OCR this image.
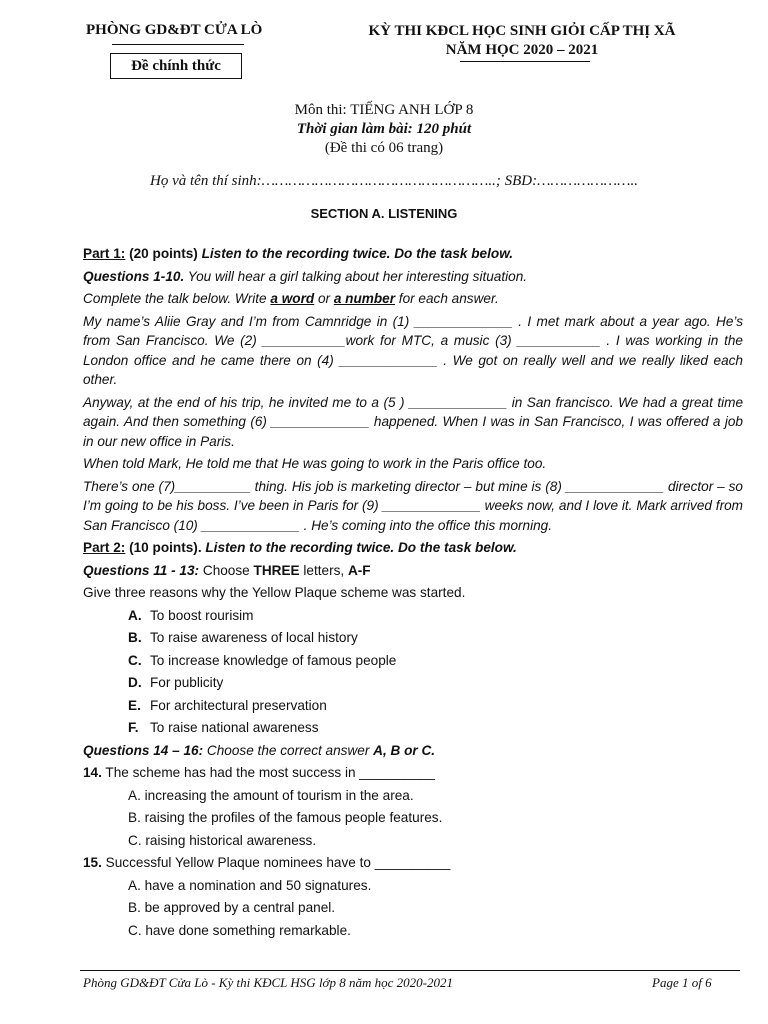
PHÒNG GD&ĐT CỬA LÒ
Đề chính thức
KỲ THI KĐCL HỌC SINH GIỎI CẤP THỊ XÃ
NĂM HỌC 2020 – 2021
Môn thi: TIẾNG ANH LỚP 8
Thời gian làm bài: 120 phút
(Đề thi có 06 trang)
Họ và tên thí sinh:……………………………………………..; SBD:…………………..
SECTION A. LISTENING

Part 1: (20 points) Listen to the recording twice. Do the task below.

Questions 1-10. You will hear a girl talking about her interesting situation.

Complete the talk below. Write a word or a number for each answer.

My name’s Aliie Gray and I’m from Camnridge in (1) _____________ . I met mark about a year ago. He’s from San Francisco. We (2) ___________work for MTC, a music (3) ___________ . I was working in the London office and he came there on (4) _____________ . We got on really well and we really liked each other.

Anyway, at the end of his trip, he invited me to a (5 ) _____________ in San francisco. We had a great time again. And then something (6) _____________ happened. When I was in San Francisco, I was offered a job in our new office in Paris.

When told Mark, He told me that He was going to work in the Paris office too.

There’s one (7)__________ thing. His job is marketing director – but mine is (8) _____________ director – so I’m going to be his boss. I’ve been in Paris for (9) _____________ weeks now, and I love it. Mark arrived from San Francisco (10) _____________ . He’s coming into the office this morning.

Part 2: (10 points). Listen to the recording twice. Do the task below.

Questions 11 - 13: Choose THREE letters, A-F

Give three reasons why the Yellow Plaque scheme was started.

A. To boost rourisim

B. To raise awareness of local history

C. To increase knowledge of famous people

D. For publicity

E. For architectural preservation

F. To raise national awareness

Questions 14 – 16: Choose the correct answer A, B or C.

14. The scheme has had the most success in __________

A. increasing the amount of tourism in the area.

B. raising the profiles of the famous people features.

C. raising historical awareness.

15. Successful Yellow Plaque nominees have to __________

A. have a nomination and 50 signatures.

B. be approved by a central panel.

C. have done something remarkable.

Phòng GD&ĐT Cửa Lò - Kỳ thi KĐCL HSG lớp 8 năm học 2020-2021	Page 1 of 6
